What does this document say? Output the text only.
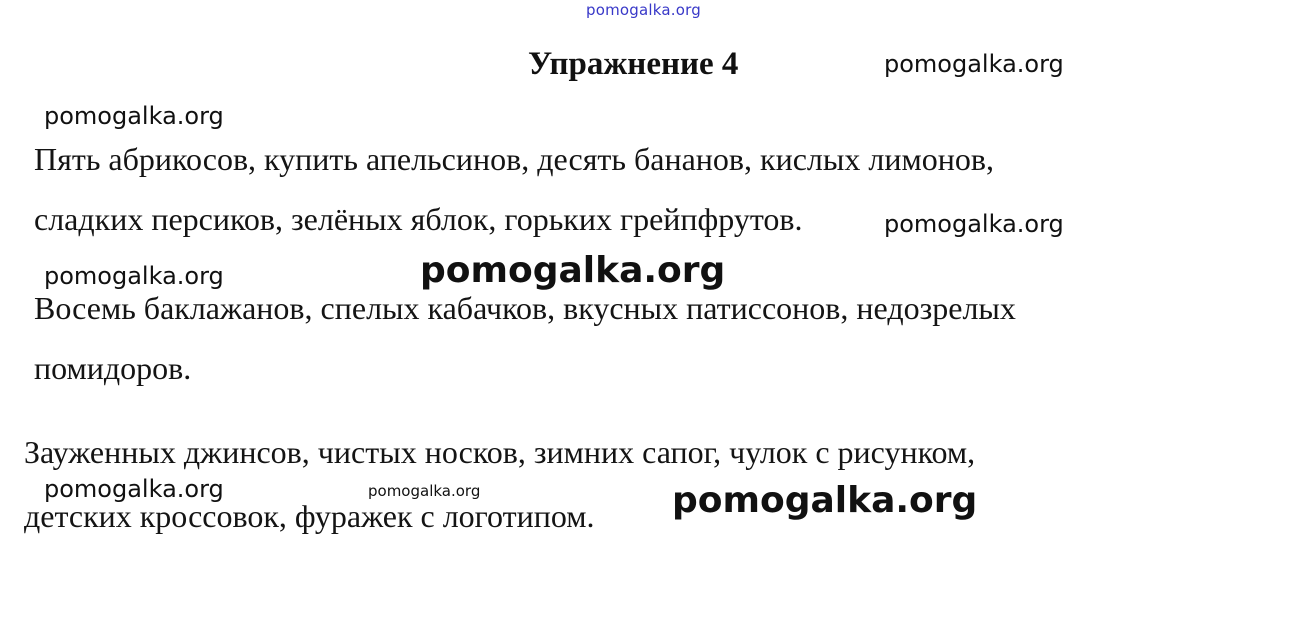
pomogalka.org
Упражнение 4	pomogalka.org
pomogalka.org
Пять абрикосов, купить апельсинов, десять бананов, кислых лимонов,
сладких персиков, зелёных яблок, горьких грейпфрутов.	pomogalka.org
pomogalka.org	pomogalka.org
Восемь баклажанов, спелых кабачков, вкусных патиссонов, недозрелых
помидоров.
Зауженных джинсов, чистых носков, зимних сапог, чулок с рисунком,
pomogalka.org	pomogalka.org
детских кроссовок, фуражек с логотипом. pomogalka.org
